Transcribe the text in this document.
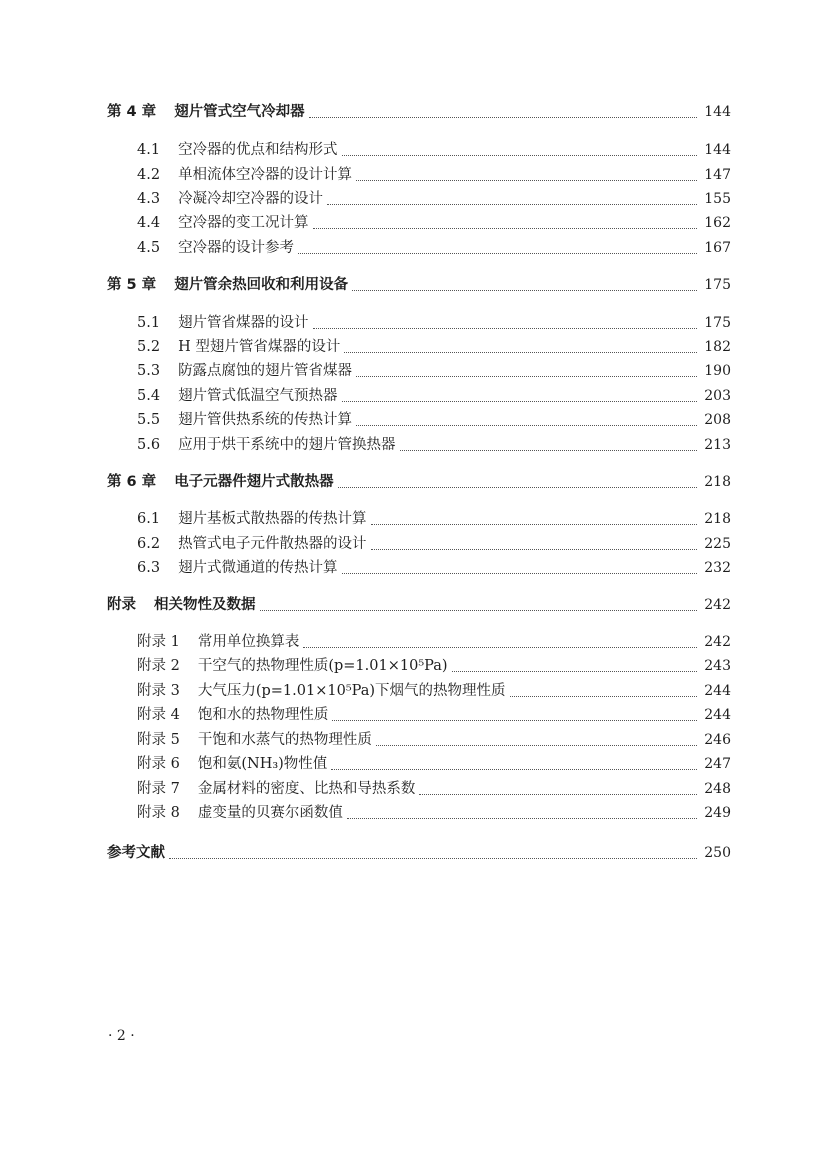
第 4 章 翅片管式空气冷却器	144
4.1 空冷器的优点和结构形式	144
4.2 单相流体空冷器的设计计算	147
4.3 冷凝冷却空冷器的设计	155
4.4 空冷器的变工况计算	162
4.5 空冷器的设计参考	167
第 5 章 翅片管余热回收和利用设备	175
5.1 翅片管省煤器的设计	175
5.2 H 型翅片管省煤器的设计	182
5.3 防露点腐蚀的翅片管省煤器	190
5.4 翅片管式低温空气预热器	203
5.5 翅片管供热系统的传热计算	208
5.6 应用于烘干系统中的翅片管换热器	213
第 6 章 电子元器件翅片式散热器	218
6.1 翅片基板式散热器的传热计算	218
6.2 热管式电子元件散热器的设计	225
6.3 翅片式微通道的传热计算	232
附录 相关物性及数据	242
附录 1 常用单位换算表	242
附录 2 干空气的热物理性质(p=1.01×10⁵Pa)	243
附录 3 大气压力(p=1.01×10⁵Pa)下烟气的热物理性质	244
附录 4 饱和水的热物理性质	244
附录 5 干饱和水蒸气的热物理性质	246
附录 6 饱和氨(NH₃)物性值	247
附录 7 金属材料的密度、比热和导热系数	248
附录 8 虚变量的贝赛尔函数值	249
参考文献	250
· 2 ·
